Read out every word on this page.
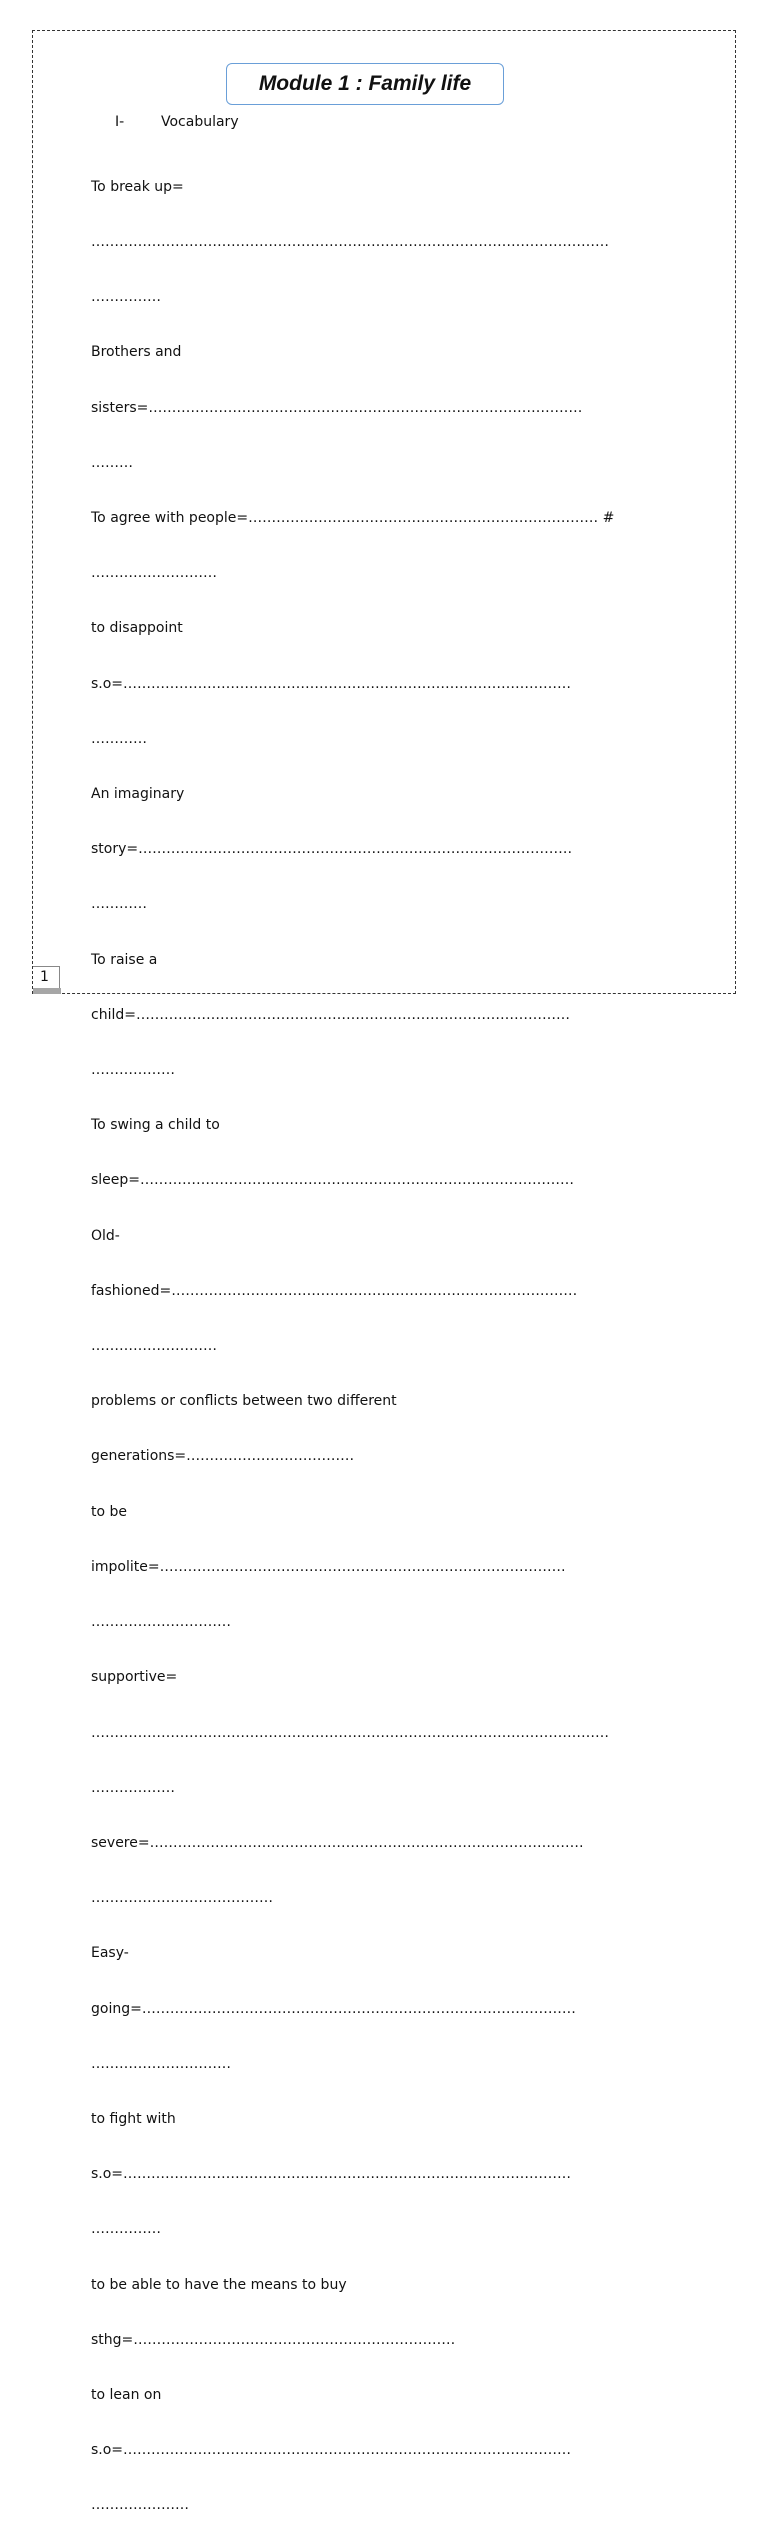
Module 1 : Family life
I-	Vocabulary

To break up=

…………………………………………………………………………………………………

……………

Brothers and

sisters=…………………………………………………………………………………

………

To agree with people=………………………………………………………………… #

………………………

to disappoint

s.o=……………………………………………………………………………………

…………

An imaginary

story=…………………………………………………………………………………

…………

To raise a

child=…………………………………………………………………………………

………………

To swing a child to

sleep=…………………………………………………………………………………

Old-

fashioned=……………………………………………………………………………

………………………

problems or conflicts between two different

generations=………………………………

to be

impolite=……………………………………………………………………………

…………………………

supportive=

…………………………………………………………………………………………………

………………

severe=…………………………………………………………………………………

…………………………………

Easy-

going=…………………………………………………………………………………

…………………………

to fight with

s.o=……………………………………………………………………………………

……………

to be able to have the means to buy

sthg=……………………………………………………………

to lean on

s.o=……………………………………………………………………………………

…………………

1
